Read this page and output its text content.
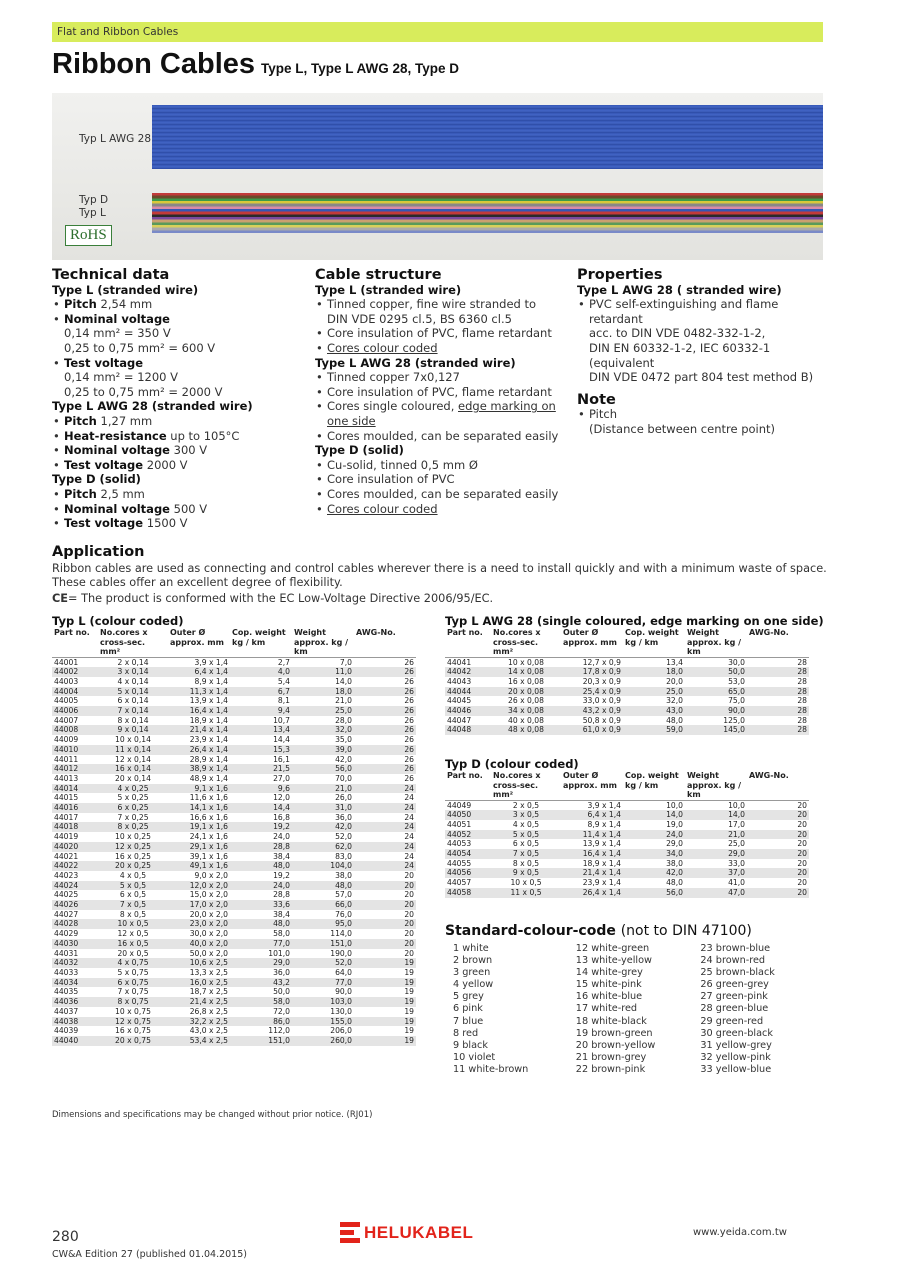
Flat and Ribbon Cables
Ribbon Cables Type L, Type L AWG 28, Type D
Typ L AWG 28
Typ D
Typ L
RoHS
Technical data
Type L (stranded wire)
• Pitch 2,54 mm
• Nominal voltage
0,14 mm² = 350 V
0,25 to 0,75 mm² = 600 V
• Test voltage
0,14 mm² = 1200 V
0,25 to 0,75 mm² = 2000 V
Type L AWG 28 (stranded wire)
• Pitch 1,27 mm
• Heat-resistance up to 105°C
• Nominal voltage 300 V
• Test voltage 2000 V
Type D (solid)
• Pitch 2,5 mm
• Nominal voltage 500 V
• Test voltage 1500 V
Cable structure
Type L (stranded wire)
• Tinned copper, fine wire stranded to
DIN VDE 0295 cl.5, BS 6360 cl.5
• Core insulation of PVC, flame retardant
• Cores colour coded
Type L AWG 28 (stranded wire)
• Tinned copper 7x0,127
• Core insulation of PVC, flame retardant
• Cores single coloured, edge marking on
one side
• Cores moulded, can be separated easily
Type D (solid)
• Cu-solid, tinned 0,5 mm Ø
• Core insulation of PVC
• Cores moulded, can be separated easily
• Cores colour coded
Properties
Type L AWG 28 ( stranded wire)
• PVC self-extinguishing and flame retardant
acc. to DIN VDE 0482-332-1-2,
DIN EN 60332-1-2, IEC 60332-1 (equivalent
DIN VDE 0472 part 804 test method B)
Note
• Pitch
(Distance between centre point)
Application

Ribbon cables are used as connecting and control cables wherever there is a need to install quickly and with a minimum waste of space. These cables offer an excellent degree of flexibility.

CE= The product is conformed with the EC Low-Voltage Directive 2006/95/EC.

Typ L (colour coded)
Part no.	No.cores x cross-sec. mm²	Outer Ø approx. mm	Cop. weight kg / km	Weight approx. kg / km	AWG-No.
44001	2 x 0,14	3,9 x 1,4	2,7	7,0	26
44002	3 x 0,14	6,4 x 1,4	4,0	11,0	26
44003	4 x 0,14	8,9 x 1,4	5,4	14,0	26
44004	5 x 0,14	11,3 x 1,4	6,7	18,0	26
44005	6 x 0,14	13,9 x 1,4	8,1	21,0	26
44006	7 x 0,14	16,4 x 1,4	9,4	25,0	26
44007	8 x 0,14	18,9 x 1,4	10,7	28,0	26
44008	9 x 0,14	21,4 x 1,4	13,4	32,0	26
44009	10 x 0,14	23,9 x 1,4	14,4	35,0	26
44010	11 x 0,14	26,4 x 1,4	15,3	39,0	26
44011	12 x 0,14	28,9 x 1,4	16,1	42,0	26
44012	16 x 0,14	38,9 x 1,4	21,5	56,0	26
44013	20 x 0,14	48,9 x 1,4	27,0	70,0	26
44014	4 x 0,25	9,1 x 1,6	9,6	21,0	24
44015	5 x 0,25	11,6 x 1,6	12,0	26,0	24
44016	6 x 0,25	14,1 x 1,6	14,4	31,0	24
44017	7 x 0,25	16,6 x 1,6	16,8	36,0	24
44018	8 x 0,25	19,1 x 1,6	19,2	42,0	24
44019	10 x 0,25	24,1 x 1,6	24,0	52,0	24
44020	12 x 0,25	29,1 x 1,6	28,8	62,0	24
44021	16 x 0,25	39,1 x 1,6	38,4	83,0	24
44022	20 x 0,25	49,1 x 1,6	48,0	104,0	24
44023	4 x 0,5	9,0 x 2,0	19,2	38,0	20
44024	5 x 0,5	12,0 x 2,0	24,0	48,0	20
44025	6 x 0,5	15,0 x 2,0	28,8	57,0	20
44026	7 x 0,5	17,0 x 2,0	33,6	66,0	20
44027	8 x 0,5	20,0 x 2,0	38,4	76,0	20
44028	10 x 0,5	23,0 x 2,0	48,0	95,0	20
44029	12 x 0,5	30,0 x 2,0	58,0	114,0	20
44030	16 x 0,5	40,0 x 2,0	77,0	151,0	20
44031	20 x 0,5	50,0 x 2,0	101,0	190,0	20
44032	4 x 0,75	10,6 x 2,5	29,0	52,0	19
44033	5 x 0,75	13,3 x 2,5	36,0	64,0	19
44034	6 x 0,75	16,0 x 2,5	43,2	77,0	19
44035	7 x 0,75	18,7 x 2,5	50,0	90,0	19
44036	8 x 0,75	21,4 x 2,5	58,0	103,0	19
44037	10 x 0,75	26,8 x 2,5	72,0	130,0	19
44038	12 x 0,75	32,2 x 2,5	86,0	155,0	19
44039	16 x 0,75	43,0 x 2,5	112,0	206,0	19
44040	20 x 0,75	53,4 x 2,5	151,0	260,0	19
Typ L AWG 28 (single coloured, edge marking on one side)
Part no.	No.cores x cross-sec. mm²	Outer Ø approx. mm	Cop. weight kg / km	Weight approx. kg / km	AWG-No.
44041	10 x 0,08	12,7 x 0,9	13,4	30,0	28
44042	14 x 0,08	17,8 x 0,9	18,0	50,0	28
44043	16 x 0,08	20,3 x 0,9	20,0	53,0	28
44044	20 x 0,08	25,4 x 0,9	25,0	65,0	28
44045	26 x 0,08	33,0 x 0,9	32,0	75,0	28
44046	34 x 0,08	43,2 x 0,9	43,0	90,0	28
44047	40 x 0,08	50,8 x 0,9	48,0	125,0	28
44048	48 x 0,08	61,0 x 0,9	59,0	145,0	28
Typ D (colour coded)
Part no.	No.cores x cross-sec. mm²	Outer Ø approx. mm	Cop. weight kg / km	Weight approx. kg / km	AWG-No.
44049	2 x 0,5	3,9 x 1,4	10,0	10,0	20
44050	3 x 0,5	6,4 x 1,4	14,0	14,0	20
44051	4 x 0,5	8,9 x 1,4	19,0	17,0	20
44052	5 x 0,5	11,4 x 1,4	24,0	21,0	20
44053	6 x 0,5	13,9 x 1,4	29,0	25,0	20
44054	7 x 0,5	16,4 x 1,4	34,0	29,0	20
44055	8 x 0,5	18,9 x 1,4	38,0	33,0	20
44056	9 x 0,5	21,4 x 1,4	42,0	37,0	20
44057	10 x 0,5	23,9 x 1,4	48,0	41,0	20
44058	11 x 0,5	26,4 x 1,4	56,0	47,0	20
Standard-colour-code (not to DIN 47100)
1 white
2 brown
3 green
4 yellow
5 grey
6 pink
7 blue
8 red
9 black
10 violet
11 white-brown
12 white-green
13 white-yellow
14 white-grey
15 white-pink
16 white-blue
17 white-red
18 white-black
19 brown-green
20 brown-yellow
21 brown-grey
22 brown-pink
23 brown-blue
24 brown-red
25 brown-black
26 green-grey
27 green-pink
28 green-blue
29 green-red
30 green-black
31 yellow-grey
32 yellow-pink
33 yellow-blue
Dimensions and specifications may be changed without prior notice. (RJ01)
280
CW&A Edition 27 (published 01.04.2015)
HELUKABEL	www.yeida.com.tw
